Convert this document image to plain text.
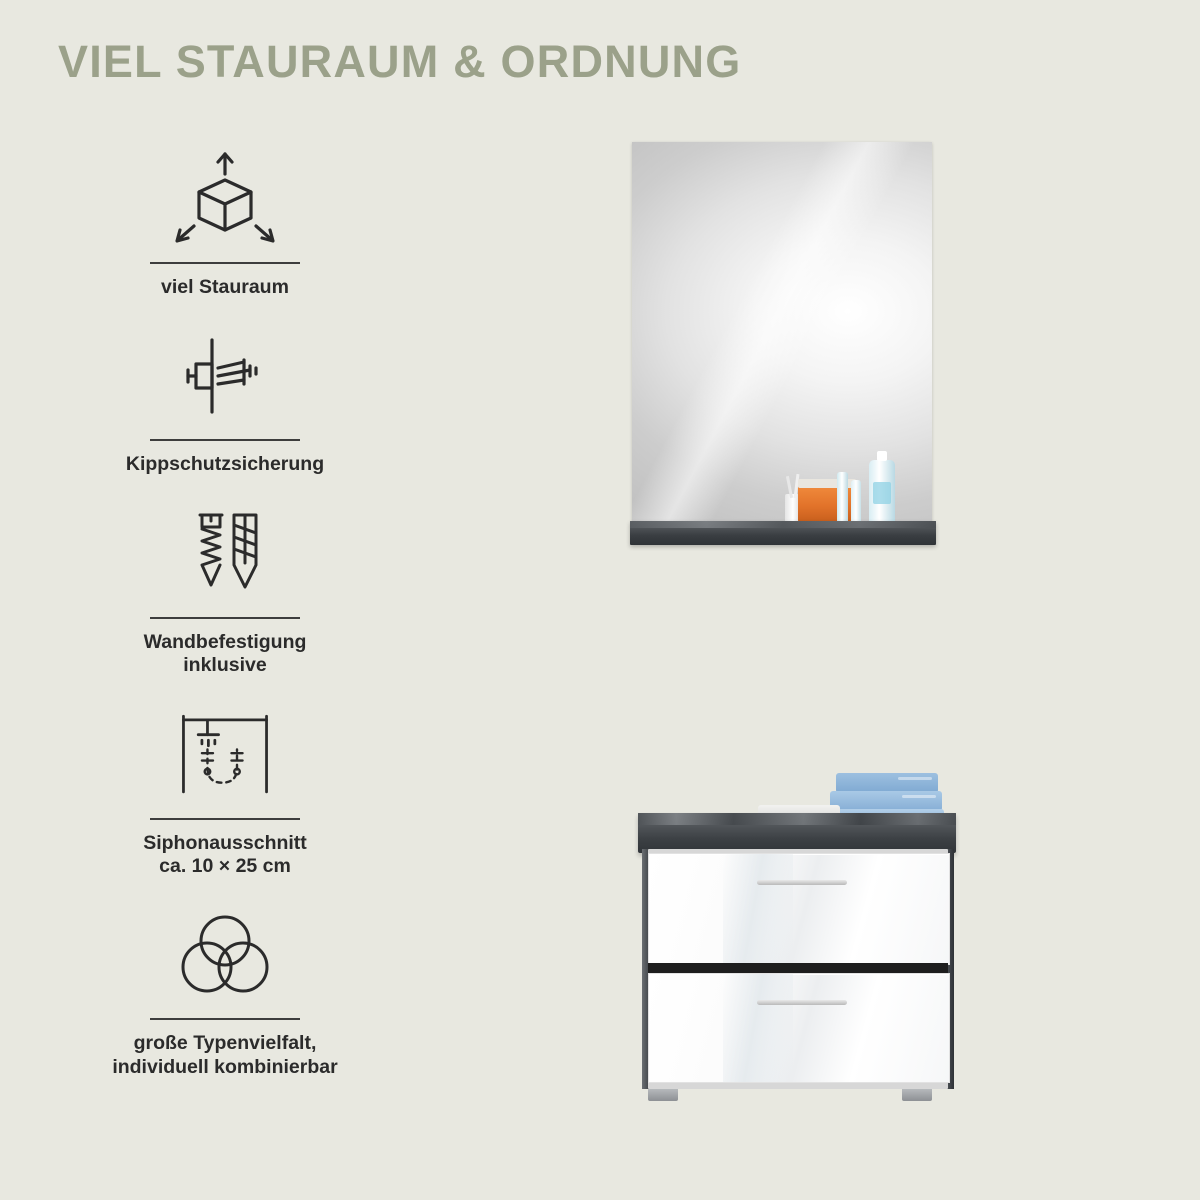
VIEL STAURAUM & ORDNUNG
viel Stauraum
Kippschutzsicherung
Wandbefestigung
inklusive
Siphonausschnitt
ca. 10 × 25 cm
große Typenvielfalt,
individuell kombinierbar
